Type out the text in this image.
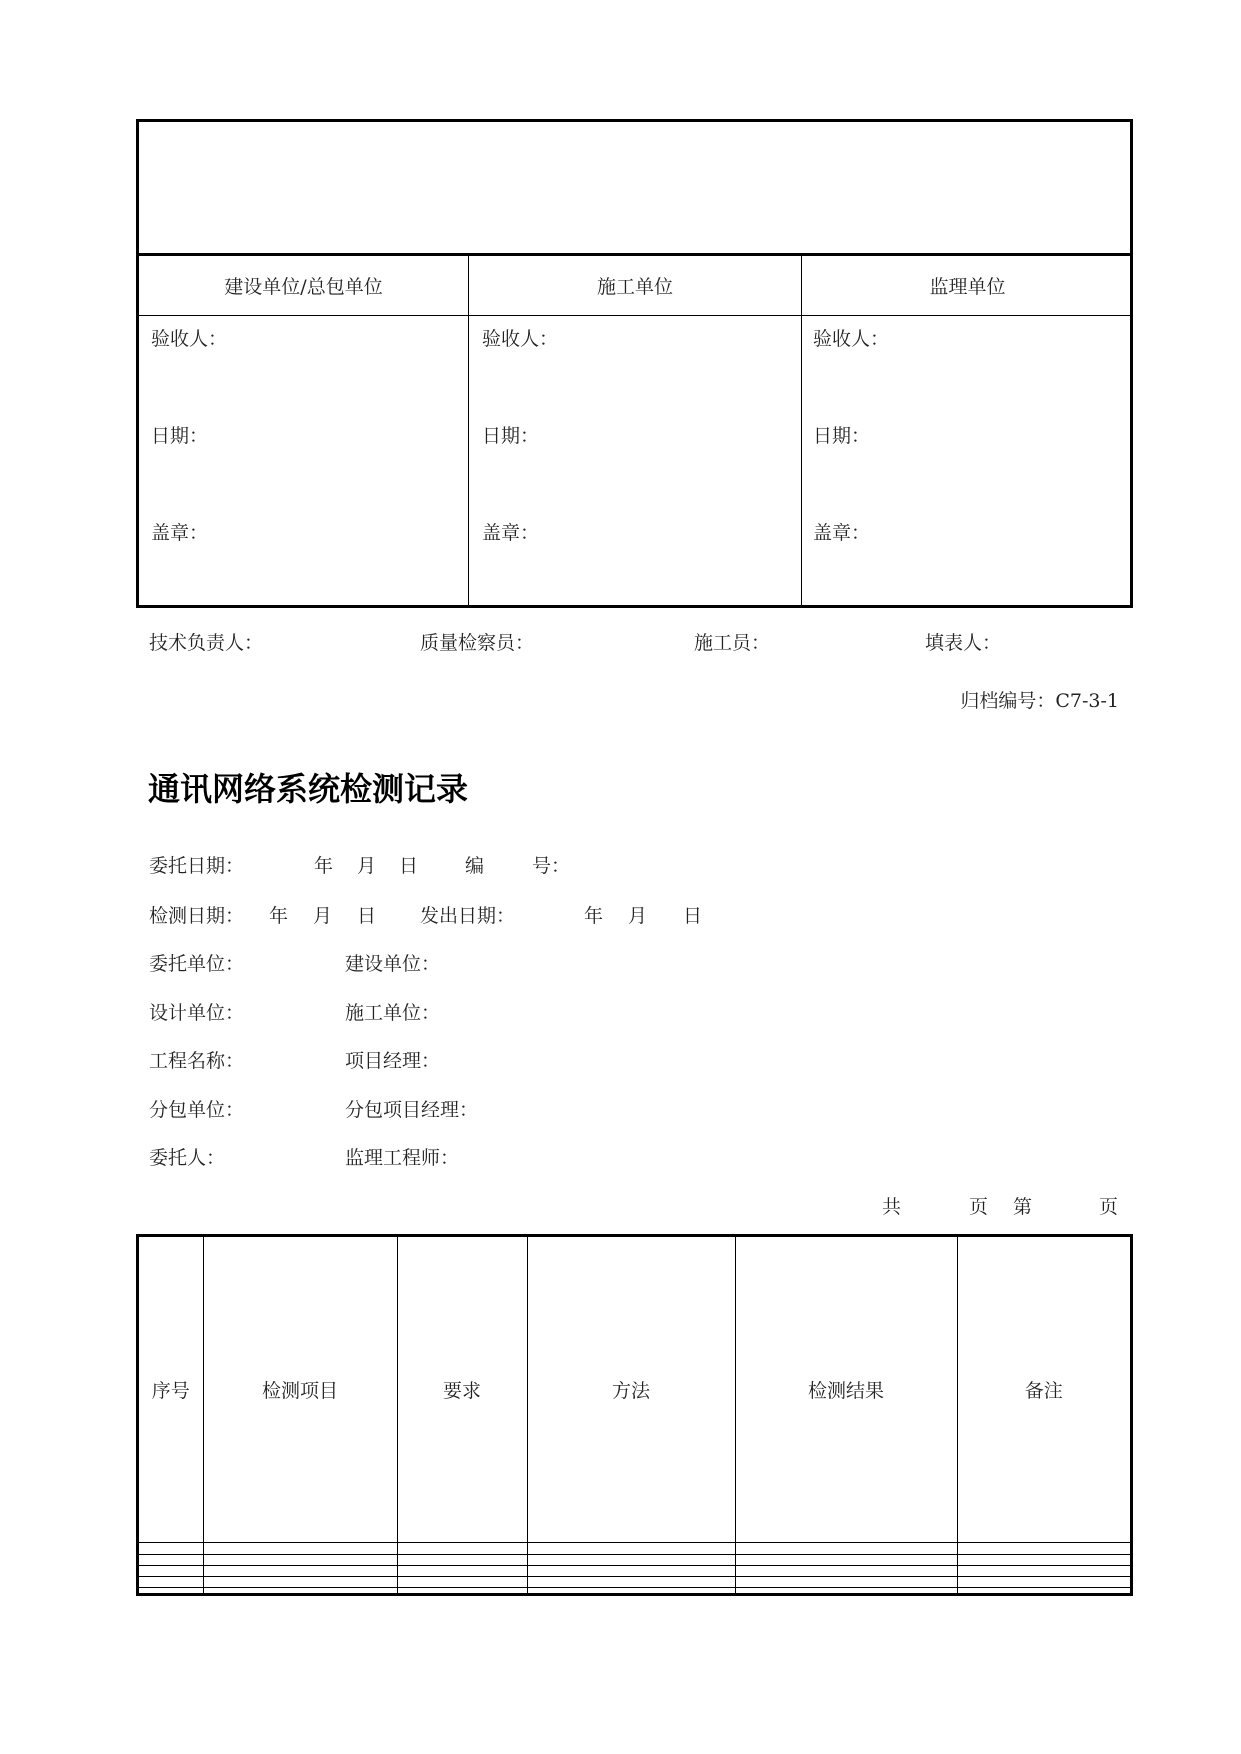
建设单位/总包单位	施工单位	监理单位
验收人：
日期：
盖章：
验收人：
日期：
盖章：
验收人：
日期：
盖章：
技术负责人：	质量检察员：	施工员：	填表人：
归档编号：C7-3-1
通讯网络系统检测记录
委托日期：	年 月 日 编	号：
检测日期： 年 月 日 发出日期：	年 月 日
委托单位：	建设单位：
设计单位：	施工单位：
工程名称：	项目经理：
分包单位：	分包项目经理：
委托人：	监理工程师：
共	页 第	页
序号	检测项目	要求	方法	检测结果	备注
